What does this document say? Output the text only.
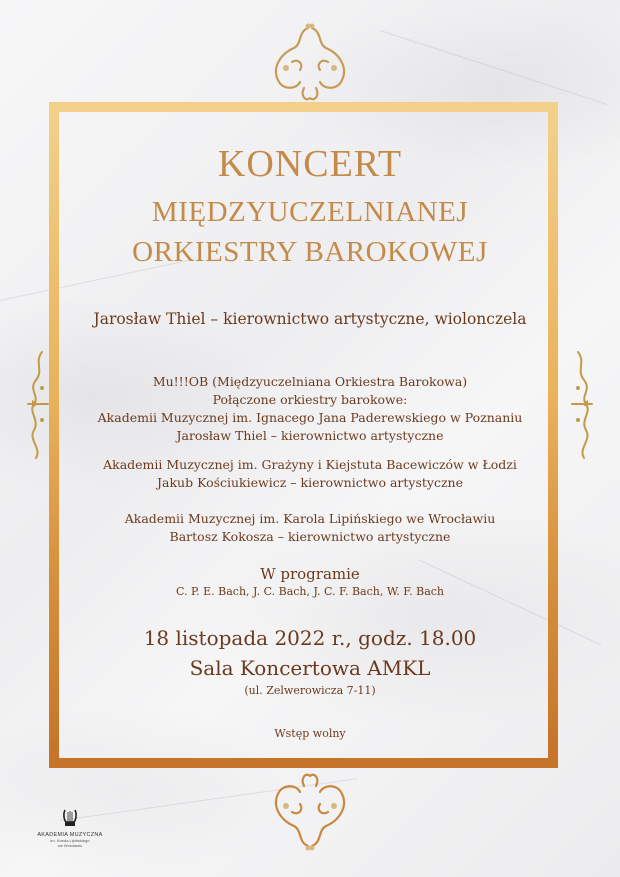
KONCERT
MIĘDZYUCZELNIANEJ
ORKIESTRY BAROKOWEJ
Jarosław Thiel – kierownictwo artystyczne, wiolonczela
Mu!!!OB (Międzyuczelniana Orkiestra Barokowa)
Połączone orkiestry barokowe:
Akademii Muzycznej im. Ignacego Jana Paderewskiego w Poznaniu
Jarosław Thiel – kierownictwo artystyczne
Akademii Muzycznej im. Grażyny i Kiejstuta Bacewiczów w Łodzi
Jakub Kościukiewicz – kierownictwo artystyczne
Akademii Muzycznej im. Karola Lipińskiego we Wrocławiu
Bartosz Kokosza – kierownictwo artystyczne
W programie
C. P. E. Bach, J. C. Bach, J. C. F. Bach, W. F. Bach
18 listopada 2022 r., godz. 18.00
Sala Koncertowa AMKL
(ul. Zelwerowicza 7-11)
Wstęp wolny
AKADEMIA MUZYCZNA
im. Karola Lipińskiego
we Wrocławiu
